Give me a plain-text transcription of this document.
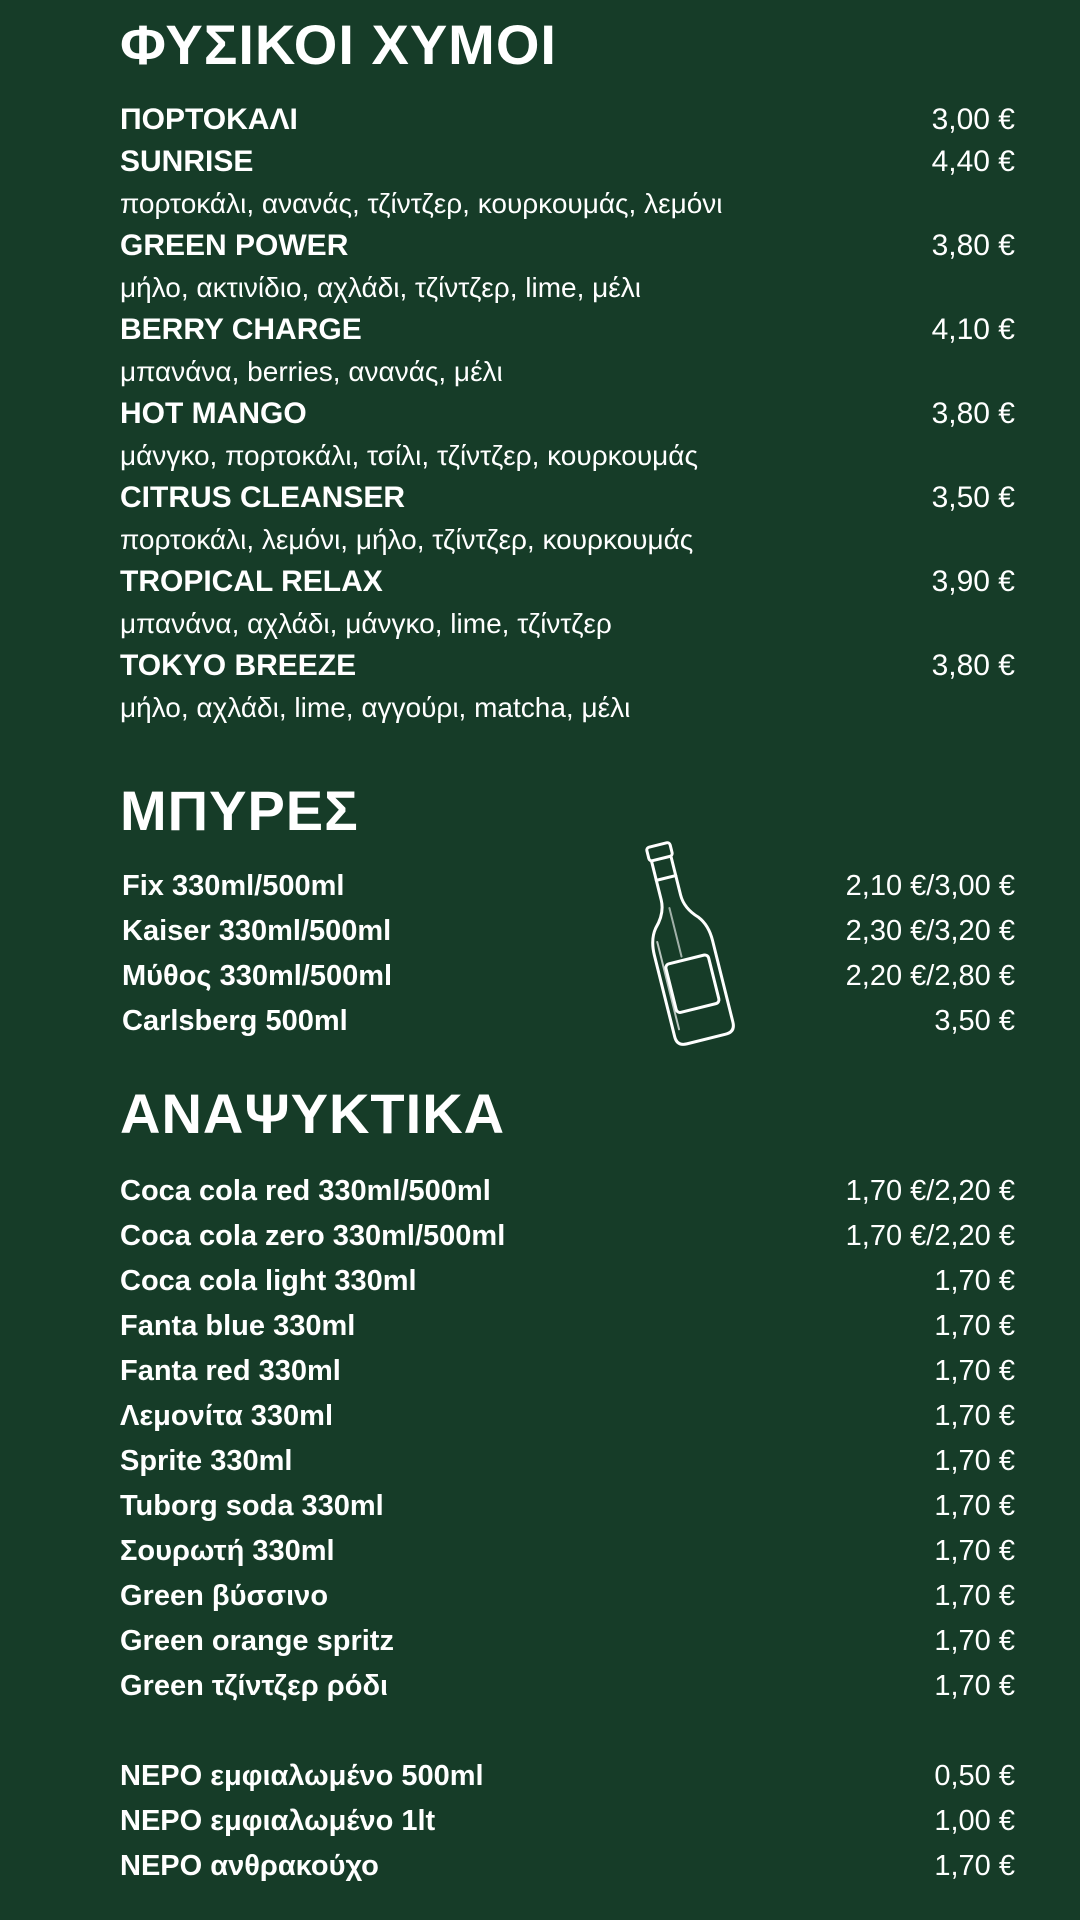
ΦΥΣΙΚΟΙ ΧΥΜΟΙ
ΠΟΡΤΟΚΑΛΙ	3,00 €
SUNRISE	4,40 €
πορτοκάλι, ανανάς, τζίντζερ, κουρκουμάς, λεμόνι
GREEN POWER	3,80 €
μήλο, ακτινίδιο, αχλάδι, τζίντζερ, lime, μέλι
BERRY CHARGE	4,10 €
μπανάνα, berries, ανανάς, μέλι
HOT MANGO	3,80 €
μάνγκο, πορτοκάλι, τσίλι, τζίντζερ, κουρκουμάς
CITRUS CLEANSER	3,50 €
πορτοκάλι, λεμόνι, μήλο, τζίντζερ, κουρκουμάς
TROPICAL RELAX	3,90 €
μπανάνα, αχλάδι, μάνγκο, lime, τζίντζερ
TOKYO BREEZE	3,80 €
μήλο, αχλάδι, lime, αγγούρι, matcha, μέλι
ΜΠΥΡΕΣ
Fix 330ml/500ml	2,10 €/3,00 €
Kaiser 330ml/500ml	2,30 €/3,20 €
Μύθος 330ml/500ml	2,20 €/2,80 €
Carlsberg 500ml	3,50 €
ΑΝΑΨΥΚΤΙΚΑ
Coca cola red 330ml/500ml	1,70 €/2,20 €
Coca cola zero 330ml/500ml	1,70 €/2,20 €
Coca cola light 330ml	1,70 €
Fanta blue 330ml	1,70 €
Fanta red 330ml	1,70 €
Λεμονίτα 330ml	1,70 €
Sprite 330ml	1,70 €
Tuborg soda 330ml	1,70 €
Σουρωτή 330ml	1,70 €
Green βύσσινο	1,70 €
Green orange spritz	1,70 €
Green τζίντζερ ρόδι	1,70 €
ΝΕΡΟ εμφιαλωμένο 500ml	0,50 €
ΝΕΡΟ εμφιαλωμένο 1lt	1,00 €
ΝΕΡΟ ανθρακούχο	1,70 €
